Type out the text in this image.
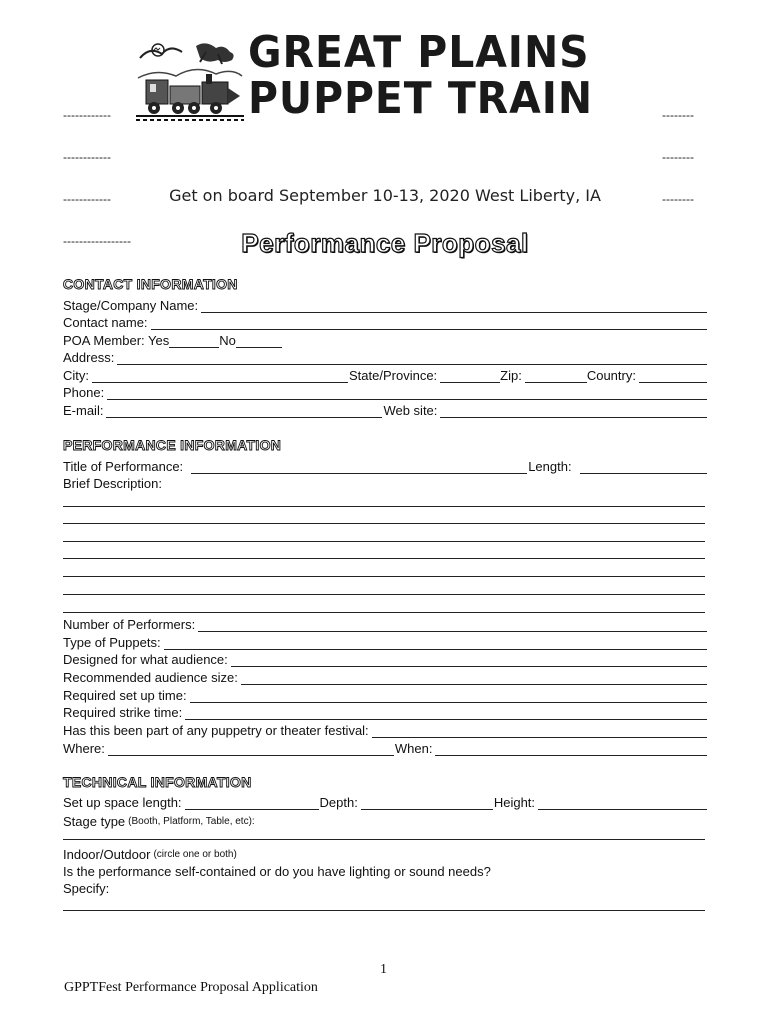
------------

------------

------------

-----------------

--------

--------

--------

GREAT PLAINS
PUPPET TRAIN
Get on board September 10-13, 2020 West Liberty, IA
Performance Proposal
CONTACT INFORMATION
Stage/Company Name:
Contact name:
POA Member: Yes	No
Address:
City:	State/Province:	Zip:	Country:
Phone:
E-mail:	Web site:
PERFORMANCE INFORMATION
Title of Performance:	Length:
Brief Description:
Number of Performers:
Type of Puppets:
Designed for what audience:
Recommended audience size:
Required set up time:
Required strike time:
Has this been part of any puppetry or theater festival:
Where:	When:
TECHNICAL INFORMATION
Set up space length:	Depth:	Height:
Stage type (Booth, Platform, Table, etc):
Indoor/Outdoor (circle one or both)
Is the performance self-contained or do you have lighting or sound needs?
Specify:
1
GPPTFest Performance Proposal Application
